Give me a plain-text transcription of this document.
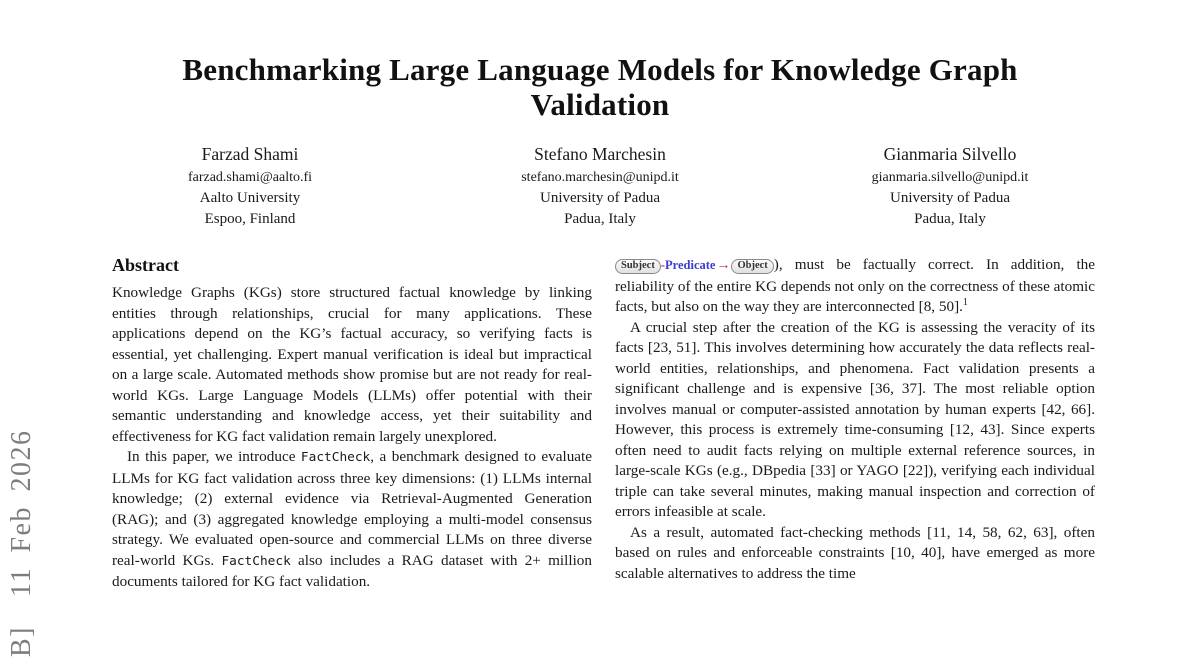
B]  11 Feb 2026
Benchmarking Large Language Models for Knowledge Graph
Validation
Farzad Shami
farzad.shami@aalto.fi
Aalto University
Espoo, Finland
Stefano Marchesin
stefano.marchesin@unipd.it
University of Padua
Padua, Italy
Gianmaria Silvello
gianmaria.silvello@unipd.it
University of Padua
Padua, Italy
Abstract

Knowledge Graphs (KGs) store structured factual knowledge by linking entities through relationships, crucial for many applications. These applications depend on the KG’s factual accuracy, so verifying facts is essential, yet challenging. Expert manual verification is ideal but impractical on a large scale. Automated methods show promise but are not ready for real-world KGs. Large Language Models (LLMs) offer potential with their semantic understanding and knowledge access, yet their suitability and effectiveness for KG fact validation remain largely unexplored.

In this paper, we introduce FactCheck, a benchmark designed to evaluate LLMs for KG fact validation across three key dimensions: (1) LLMs internal knowledge; (2) external evidence via Retrieval-Augmented Generation (RAG); and (3) aggregated knowledge employing a multi-model consensus strategy. We evaluated open-source and commercial LLMs on three diverse real-world KGs. FactCheck also includes a RAG dataset with 2+ million documents tailored for KG fact validation.

Subject -Predicate→ Object ), must be factually correct. In addition, the reliability of the entire KG depends not only on the correctness of these atomic facts, but also on the way they are interconnected [8, 50].$^1$

A crucial step after the creation of the KG is assessing the veracity of its facts [23, 51]. This involves determining how accurately the data reflects real-world entities, relationships, and phenomena. Fact validation presents a significant challenge and is expensive [36, 37]. The most reliable option involves manual or computer-assisted annotation by human experts [42, 66]. However, this process is extremely time-consuming [12, 43]. Since experts often need to audit facts relying on multiple external reference sources, in large-scale KGs (e.g., DBpedia [33] or YAGO [22]), verifying each individual triple can take several minutes, making manual inspection and correction of errors infeasible at scale.

As a result, automated fact-checking methods [11, 14, 58, 62, 63], often based on rules and enforceable constraints [10, 40], have emerged as more scalable alternatives to address the time
